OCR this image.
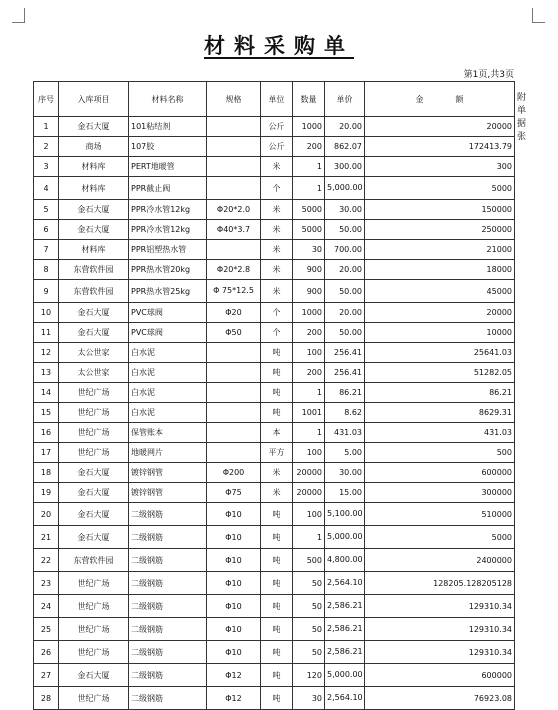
材料采购单
第1页,共3页
序号	入库项目	材料名称	规格	单位	数量	单价	金　　　　额
1	金石大厦	101粘结剂		公斤	1000	20.00	20000
2	商场	107胶		公斤	200	862.07	172413.79
3	材料库	PERT地暖管		米	1	300.00	300
4	材料库	PPR截止阀		个	1	5,000.00	5000
5	金石大厦	PPR冷水管12kg	Φ20*2.0	米	5000	30.00	150000
6	金石大厦	PPR冷水管12kg	Φ40*3.7	米	5000	50.00	250000
7	材料库	PPR铝塑热水管		米	30	700.00	21000
8	东营软件园	PPR热水管20kg	Φ20*2.8	米	900	20.00	18000
9	东营软件园	PPR热水管25kg	Φ 75*12.5	米	900	50.00	45000
10	金石大厦	PVC球阀	Φ20	个	1000	20.00	20000
11	金石大厦	PVC球阀	Φ50	个	200	50.00	10000
12	太公世家	白水泥		吨	100	256.41	25641.03
13	太公世家	白水泥		吨	200	256.41	51282.05
14	世纪广场	白水泥		吨	1	86.21	86.21
15	世纪广场	白水泥		吨	1001	8.62	8629.31
16	世纪广场	保管账本		本	1	431.03	431.03
17	世纪广场	地暖网片		平方	100	5.00	500
18	金石大厦	镀锌钢管	Φ200	米	20000	30.00	600000
19	金石大厦	镀锌钢管	Φ75	米	20000	15.00	300000
20	金石大厦	二级钢筋	Φ10	吨	100	5,100.00	510000
21	金石大厦	二级钢筋	Φ10	吨	1	5,000.00	5000
22	东营软件园	二级钢筋	Φ10	吨	500	4,800.00	2400000
23	世纪广场	二级钢筋	Φ10	吨	50	2,564.10	128205.128205128
24	世纪广场	二级钢筋	Φ10	吨	50	2,586.21	129310.34
25	世纪广场	二级钢筋	Φ10	吨	50	2,586.21	129310.34
26	世纪广场	二级钢筋	Φ10	吨	50	2,586.21	129310.34
27	金石大厦	二级钢筋	Φ12	吨	120	5,000.00	600000
28	世纪广场	二级钢筋	Φ12	吨	30	2,564.10	76923.08
附单据张
